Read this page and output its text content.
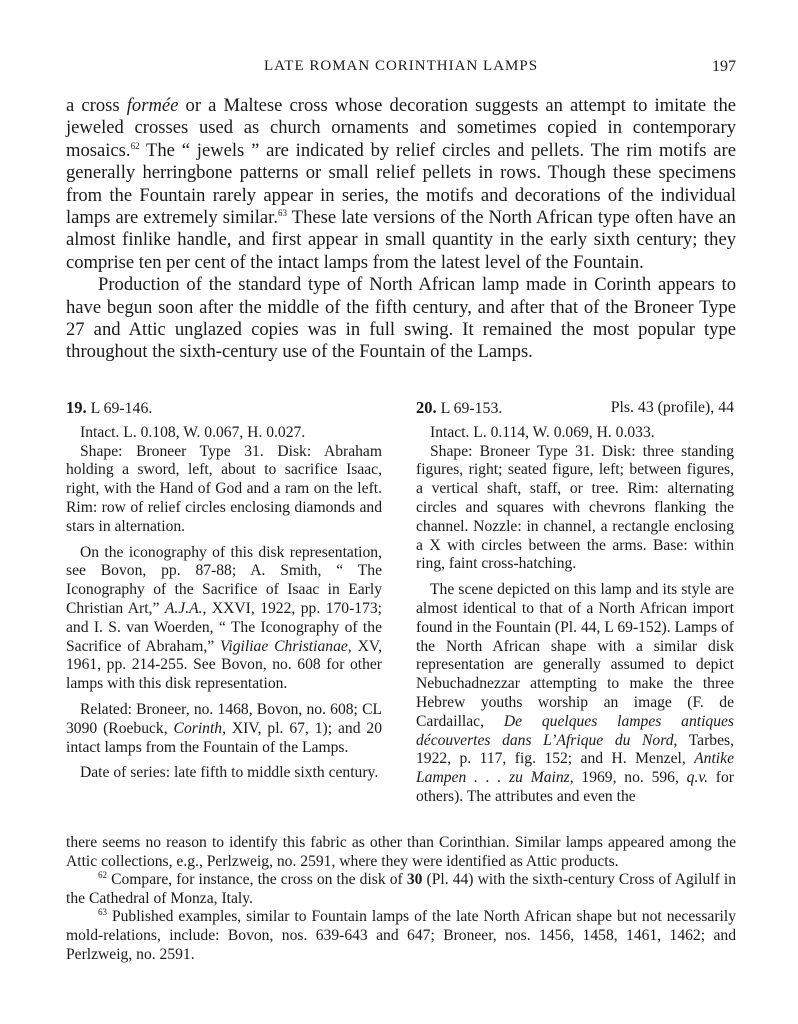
LATE ROMAN CORINTHIAN LAMPS	197

a cross formée or a Maltese cross whose decoration suggests an attempt to imitate the jeweled crosses used as church ornaments and sometimes copied in contemporary mosaics.$^{62}$ The “ jewels ” are indicated by relief circles and pellets. The rim motifs are generally herringbone patterns or small relief pellets in rows. Though these specimens from the Fountain rarely appear in series, the motifs and decorations of the individual lamps are extremely similar.$^{63}$ These late versions of the North African type often have an almost finlike handle, and first appear in small quantity in the early sixth century; they comprise ten per cent of the intact lamps from the latest level of the Fountain.

Production of the standard type of North African lamp made in Corinth appears to have begun soon after the middle of the fifth century, and after that of the Broneer Type 27 and Attic unglazed copies was in full swing. It remained the most popular type throughout the sixth-century use of the Fountain of the Lamps.

19. L 69-146.

Intact. L. 0.108, W. 0.067, H. 0.027.

Shape: Broneer Type 31. Disk: Abraham holding a sword, left, about to sacrifice Isaac, right, with the Hand of God and a ram on the left. Rim: row of relief circles enclosing diamonds and stars in alternation.

On the iconography of this disk representation, see Bovon, pp. 87-88; A. Smith, “ The Iconography of the Sacrifice of Isaac in Early Christian Art,” A.J.A., XXVI, 1922, pp. 170-173; and I. S. van Woerden, “ The Iconography of the Sacrifice of Abraham,” Vigiliae Christianae, XV, 1961, pp. 214-255. See Bovon, no. 608 for other lamps with this disk representation.

Related: Broneer, no. 1468, Bovon, no. 608; CL 3090 (Roebuck, Corinth, XIV, pl. 67, 1); and 20 intact lamps from the Fountain of the Lamps.

Date of series: late fifth to middle sixth century.

20. L 69-153.	Pls. 43 (profile), 44

Intact. L. 0.114, W. 0.069, H. 0.033.

Shape: Broneer Type 31. Disk: three standing figures, right; seated figure, left; between figures, a vertical shaft, staff, or tree. Rim: alternating circles and squares with chevrons flanking the channel. Nozzle: in channel, a rectangle enclosing a X with circles between the arms. Base: within ring, faint cross-hatching.

The scene depicted on this lamp and its style are almost identical to that of a North African import found in the Fountain (Pl. 44, L 69-152). Lamps of the North African shape with a similar disk representation are generally assumed to depict Nebuchadnezzar attempting to make the three Hebrew youths worship an image (F. de Cardaillac, De quelques lampes antiques découvertes dans L’Afrique du Nord, Tarbes, 1922, p. 117, fig. 152; and H. Menzel, Antike Lampen . . . zu Mainz, 1969, no. 596, q.v. for others). The attributes and even the

there seems no reason to identify this fabric as other than Corinthian. Similar lamps appeared among the Attic collections, e.g., Perlzweig, no. 2591, where they were identified as Attic products.

$^{62}$ Compare, for instance, the cross on the disk of 30 (Pl. 44) with the sixth-century Cross of Agilulf in the Cathedral of Monza, Italy.

$^{63}$ Published examples, similar to Fountain lamps of the late North African shape but not necessarily mold-relations, include: Bovon, nos. 639-643 and 647; Broneer, nos. 1456, 1458, 1461, 1462; and Perlzweig, no. 2591.
